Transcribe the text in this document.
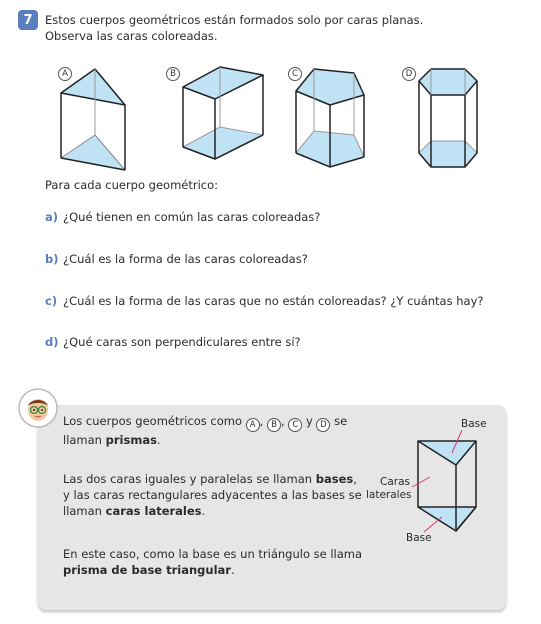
7	Estos cuerpos geométricos están formados solo por caras planas.
Observa las caras coloreadas.
A	B	C	D
Para cada cuerpo geométrico:
a) ¿Qué tienen en común las caras coloreadas?
b) ¿Cuál es la forma de las caras coloreadas?
c) ¿Cuál es la forma de las caras que no están coloreadas? ¿Y cuántas hay?
d) ¿Qué caras son perpendiculares entre sí?
Los cuerpos geométricos como A , B , C y D se
llaman prismas.
Las dos caras iguales y paralelas se llaman bases,
y las caras rectangulares adyacentes a las bases se
llaman caras laterales.
En este caso, como la base es un triángulo se llama
prisma de base triangular.
Base
Caras
laterales
Base
